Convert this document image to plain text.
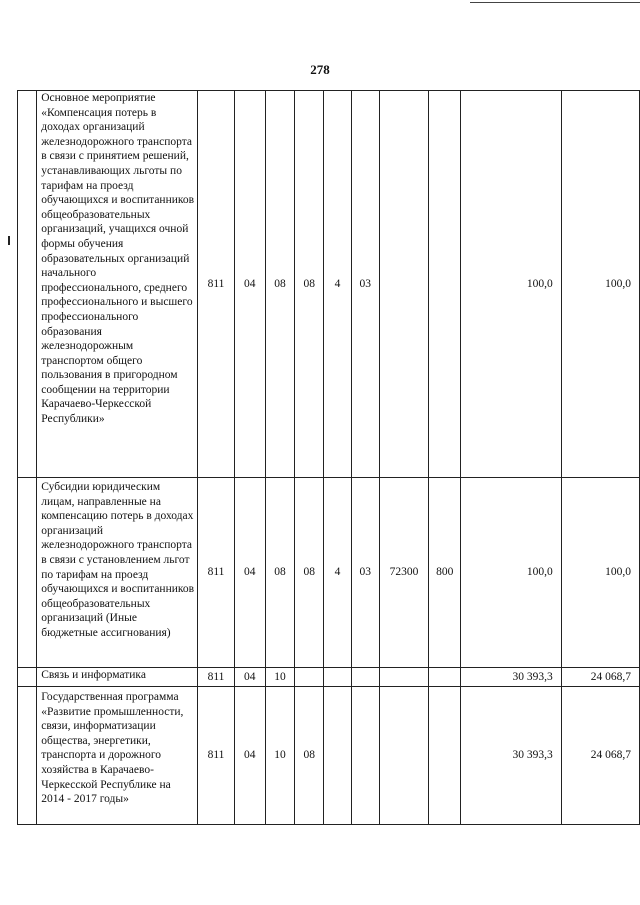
278
	Основное мероприятие «Компенсация потерь в доходах организаций железнодорожного транспорта в связи с принятием решений, устанавливающих льготы по тарифам на проезд обучающихся и воспитанников общеобразовательных организаций, учащихся очной формы обучения образовательных организаций начального профессионального, среднего профессионального и высшего профессионального образования железнодорожным транспортом общего пользования в пригородном сообщении на территории Карачаево-Черкесской Республики»	811	04	08	08	4	03			100,0	100,0
	Субсидии юридическим лицам, направленные на компенсацию потерь в доходах организаций железнодорожного транспорта в связи с установлением льгот по тарифам на проезд обучающихся и воспитанников общеобразовательных организаций (Иные бюджетные ассигнования)	811	04	08	08	4	03	72300	800	100,0	100,0
	Связь и информатика	811	04	10						30 393,3	24 068,7
	Государственная программа «Развитие промышленности, связи, информатизации общества, энергетики, транспорта и дорожного хозяйства в Карачаево-Черкесской Республике на 2014 - 2017 годы»	811	04	10	08					30 393,3	24 068,7
